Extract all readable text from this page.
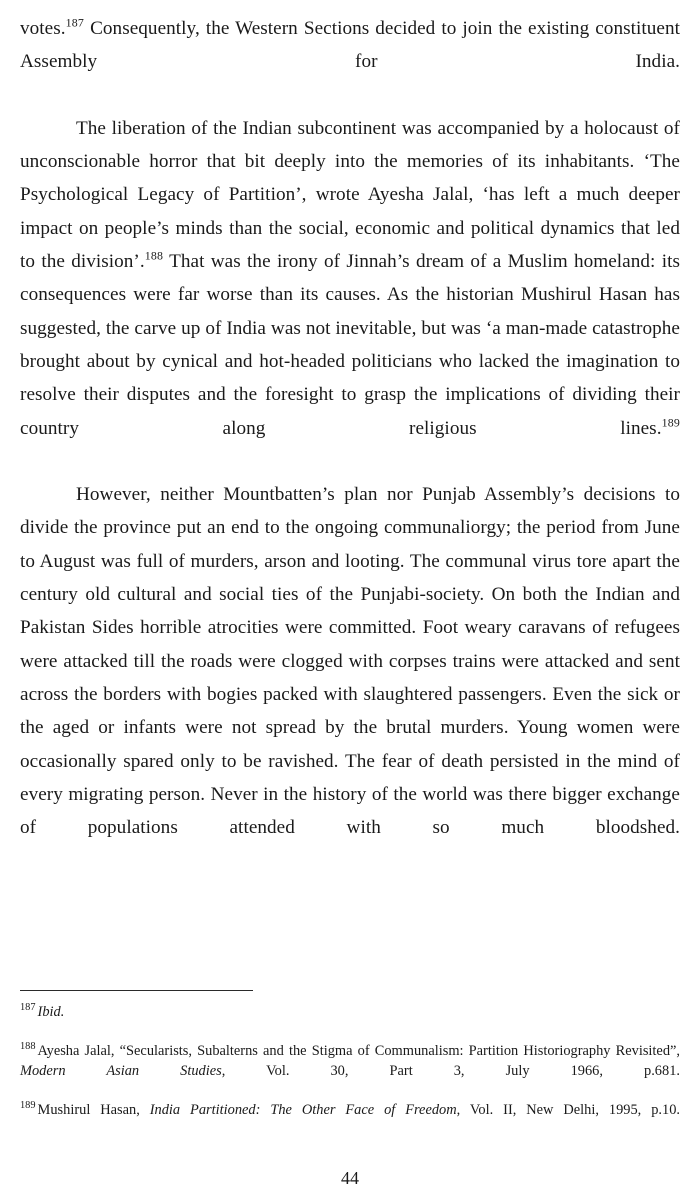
votes.$^{187}$ Consequently, the Western Sections decided to join the existing constituent Assembly for India.

The liberation of the Indian subcontinent was accompanied by a holocaust of unconscionable horror that bit deeply into the memories of its inhabitants. ‘The Psychological Legacy of Partition’, wrote Ayesha Jalal, ‘has left a much deeper impact on people’s minds than the social, economic and political dynamics that led to the division’.$^{188}$ That was the irony of Jinnah’s dream of a Muslim homeland: its consequences were far worse than its causes. As the historian Mushirul Hasan has suggested, the carve up of India was not inevitable, but was ‘a man-made catastrophe brought about by cynical and hot-headed politicians who lacked the imagination to resolve their disputes and the foresight to grasp the implications of dividing their country along religious lines.$^{189}$

However, neither Mountbatten’s plan nor Punjab Assembly’s decisions to divide the province put an end to the ongoing communaliorgy; the period from June to August was full of murders, arson and looting. The communal virus tore apart the century old cultural and social ties of the Punjabi-society. On both the Indian and Pakistan Sides horrible atrocities were committed. Foot weary caravans of refugees were attacked till the roads were clogged with corpses trains were attacked and sent across the borders with bogies packed with slaughtered passengers. Even the sick or the aged or infants were not spread by the brutal murders. Young women were occasionally spared only to be ravished. The fear of death persisted in the mind of every migrating person. Never in the history of the world was there bigger exchange of populations attended with so much bloodshed.

$^{187}$ Ibid.

$^{188}$ Ayesha Jalal, “Secularists, Subalterns and the Stigma of Communalism: Partition Historiography Revisited”, Modern Asian Studies, Vol. 30, Part 3, July 1966, p.681.

$^{189}$ Mushirul Hasan, India Partitioned: The Other Face of Freedom, Vol. II, New Delhi, 1995, p.10.

44
